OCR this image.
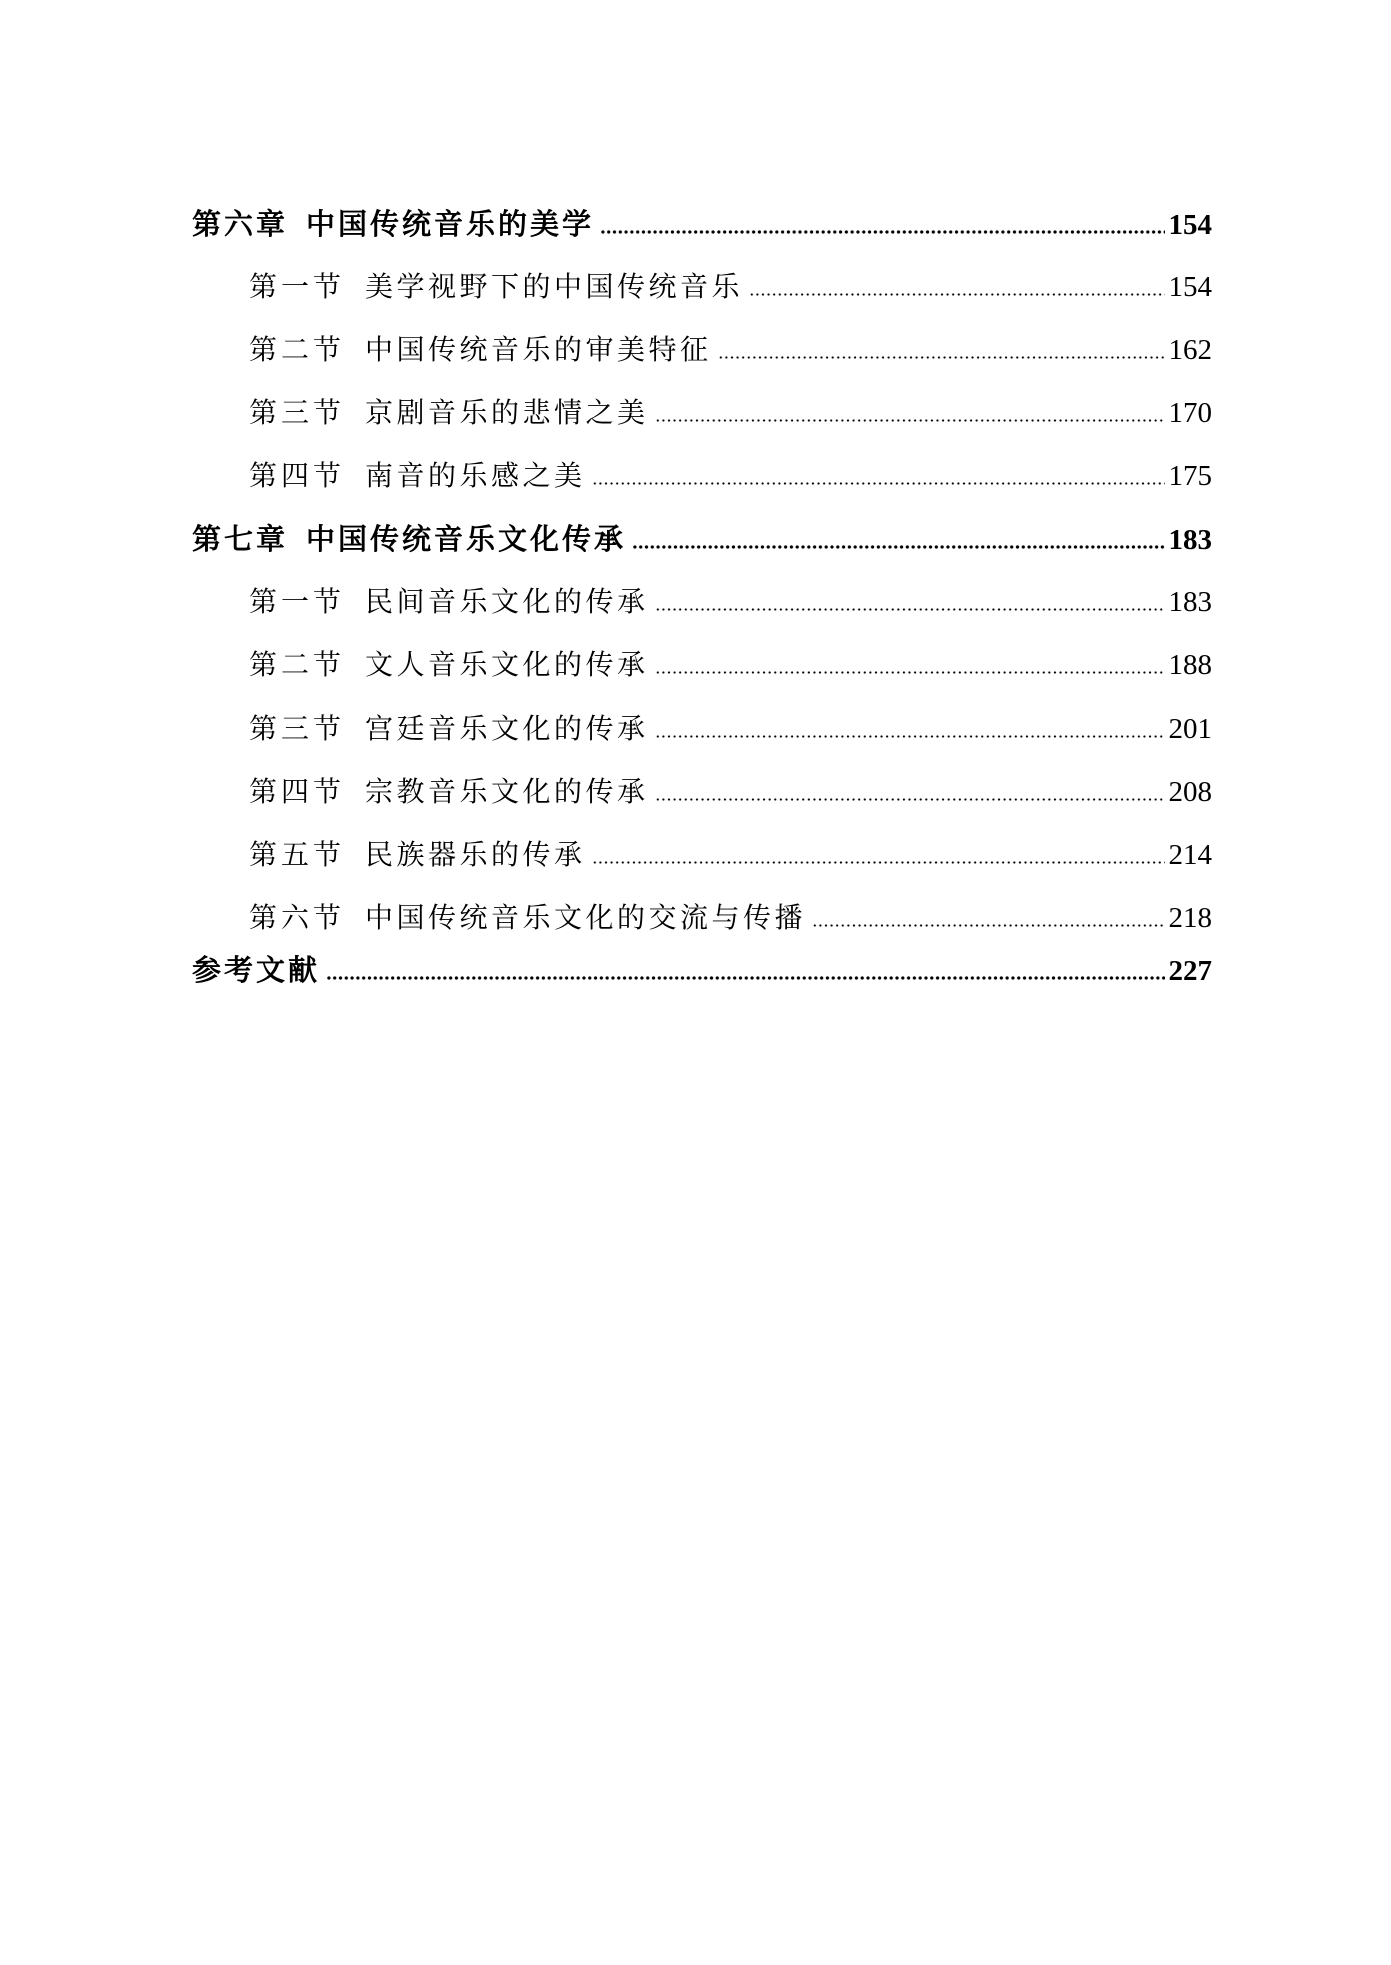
第六章 中国传统音乐的美学	154
第一节 美学视野下的中国传统音乐	154
第二节 中国传统音乐的审美特征	162
第三节 京剧音乐的悲情之美	170
第四节 南音的乐感之美	175
第七章 中国传统音乐文化传承	183
第一节 民间音乐文化的传承	183
第二节 文人音乐文化的传承	188
第三节 宫廷音乐文化的传承	201
第四节 宗教音乐文化的传承	208
第五节 民族器乐的传承	214
第六节 中国传统音乐文化的交流与传播	218
参考文献	227
